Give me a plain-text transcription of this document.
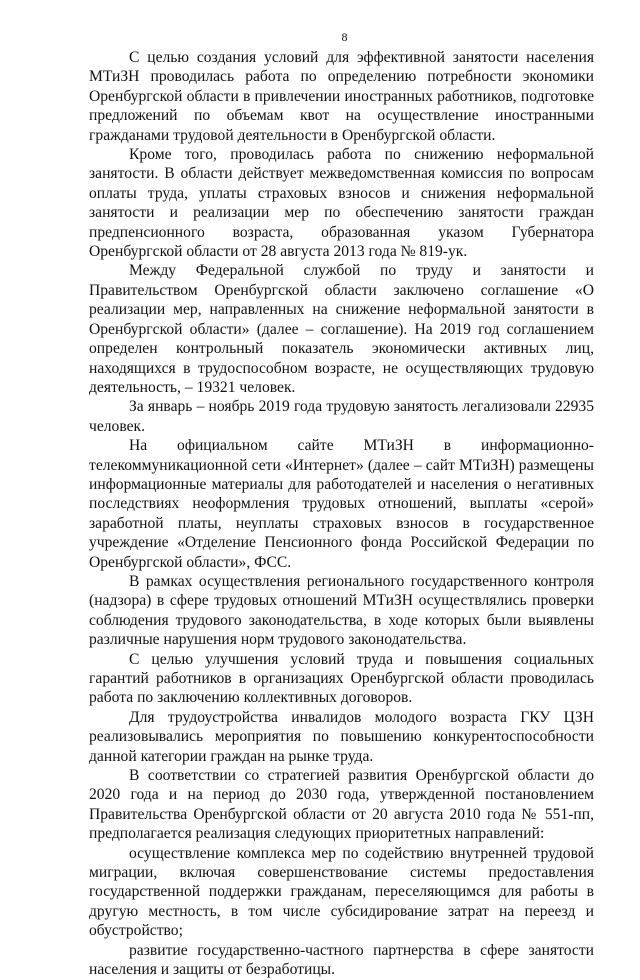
8

С целью создания условий для эффективной занятости населения МТиЗН проводилась работа по определению потребности экономики Оренбургской области в привлечении иностранных работников, подготовке предложений по объемам квот на осуществление иностранными гражданами трудовой деятельности в Оренбургской области.

Кроме того, проводилась работа по снижению неформальной занятости. В области действует межведомственная комиссия по вопросам оплаты труда, уплаты страховых взносов и снижения неформальной занятости и реализации мер по обеспечению занятости граждан предпенсионного возраста, образованная указом Губернатора Оренбургской области от 28 августа 2013 года № 819-ук.

Между Федеральной службой по труду и занятости и Правительством Оренбургской области заключено соглашение «О реализации мер, направленных на снижение неформальной занятости в Оренбургской области» (далее – соглашение). На 2019 год соглашением определен контрольный показатель экономически активных лиц, находящихся в трудоспособном возрасте, не осуществляющих трудовую деятельность, – 19321 человек.

За январь – ноябрь 2019 года трудовую занятость легализовали 22935 человек.

На официальном сайте МТиЗН в информационно-телекоммуникационной сети «Интернет» (далее – сайт МТиЗН) размещены информационные материалы для работодателей и населения о негативных последствиях неоформления трудовых отношений, выплаты «серой» заработной платы, неуплаты страховых взносов в государственное учреждение «Отделение Пенсионного фонда Российской Федерации по Оренбургской области», ФСС.

В рамках осуществления регионального государственного контроля (надзора) в сфере трудовых отношений МТиЗН осуществлялись проверки соблюдения трудового законодательства, в ходе которых были выявлены различные нарушения норм трудового законодательства.

С целью улучшения условий труда и повышения социальных гарантий работников в организациях Оренбургской области проводилась работа по заключению коллективных договоров.

Для трудоустройства инвалидов молодого возраста ГКУ ЦЗН реализовывались мероприятия по повышению конкурентоспособности данной категории граждан на рынке труда.

В соответствии со стратегией развития Оренбургской области до 2020 года и на период до 2030 года, утвержденной постановлением Правительства Оренбургской области от 20 августа 2010 года № 551-пп, предполагается реализация следующих приоритетных направлений:

осуществление комплекса мер по содействию внутренней трудовой миграции, включая совершенствование системы предоставления государственной поддержки гражданам, переселяющимся для работы в другую местность, в том числе субсидирование затрат на переезд и обустройство;

развитие государственно-частного партнерства в сфере занятости населения и защиты от безработицы.
